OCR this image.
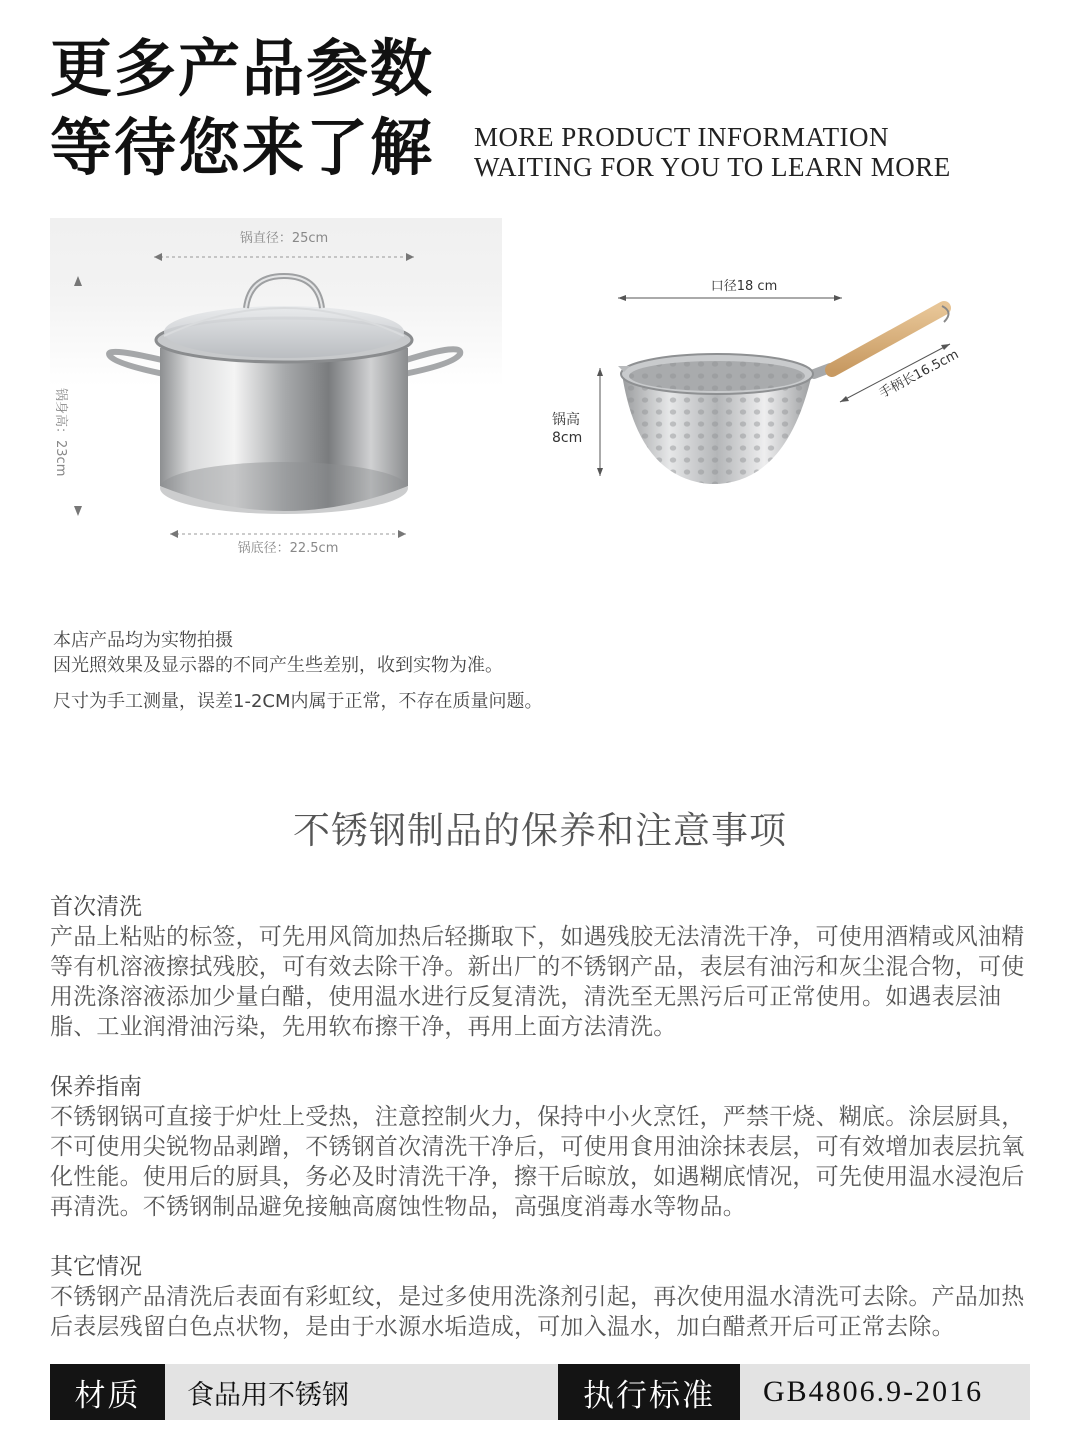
更多产品参数
等待您来了解 MORE PRODUCT INFORMATION
WAITING FOR YOU TO LEARN MORE
锅直径：25cm
锅身高：23cm
锅底径：22.5cm
口径18 cm
锅高
8cm
手柄长16.5cm
本店产品均为实物拍摄
因光照效果及显示器的不同产生些差别，收到实物为准。
尺寸为手工测量，误差1-2CM内属于正常，不存在质量问题。
不锈钢制品的保养和注意事项
首次清洗
产品上粘贴的标签，可先用风筒加热后轻撕取下，如遇残胶无法清洗干净，可使用酒精或风油精等有机溶液擦拭残胶，可有效去除干净。新出厂的不锈钢产品，表层有油污和灰尘混合物，可使用洗涤溶液添加少量白醋，使用温水进行反复清洗，清洗至无黑污后可正常使用。如遇表层油脂、工业润滑油污染，先用软布擦干净，再用上面方法清洗。
保养指南
不锈钢锅可直接于炉灶上受热，注意控制火力，保持中小火烹饪，严禁干烧、糊底。涂层厨具，不可使用尖锐物品剥蹭，不锈钢首次清洗干净后，可使用食用油涂抹表层，可有效增加表层抗氧化性能。使用后的厨具，务必及时清洗干净，擦干后晾放，如遇糊底情况，可先使用温水浸泡后再清洗。不锈钢制品避免接触高腐蚀性物品，高强度消毒水等物品。
其它情况
不锈钢产品清洗后表面有彩虹纹，是过多使用洗涤剂引起，再次使用温水清洗可去除。产品加热后表层残留白色点状物，是由于水源水垢造成，可加入温水，加白醋煮开后可正常去除。
材质	食品用不锈钢	执行标准	GB4806.9-2016
